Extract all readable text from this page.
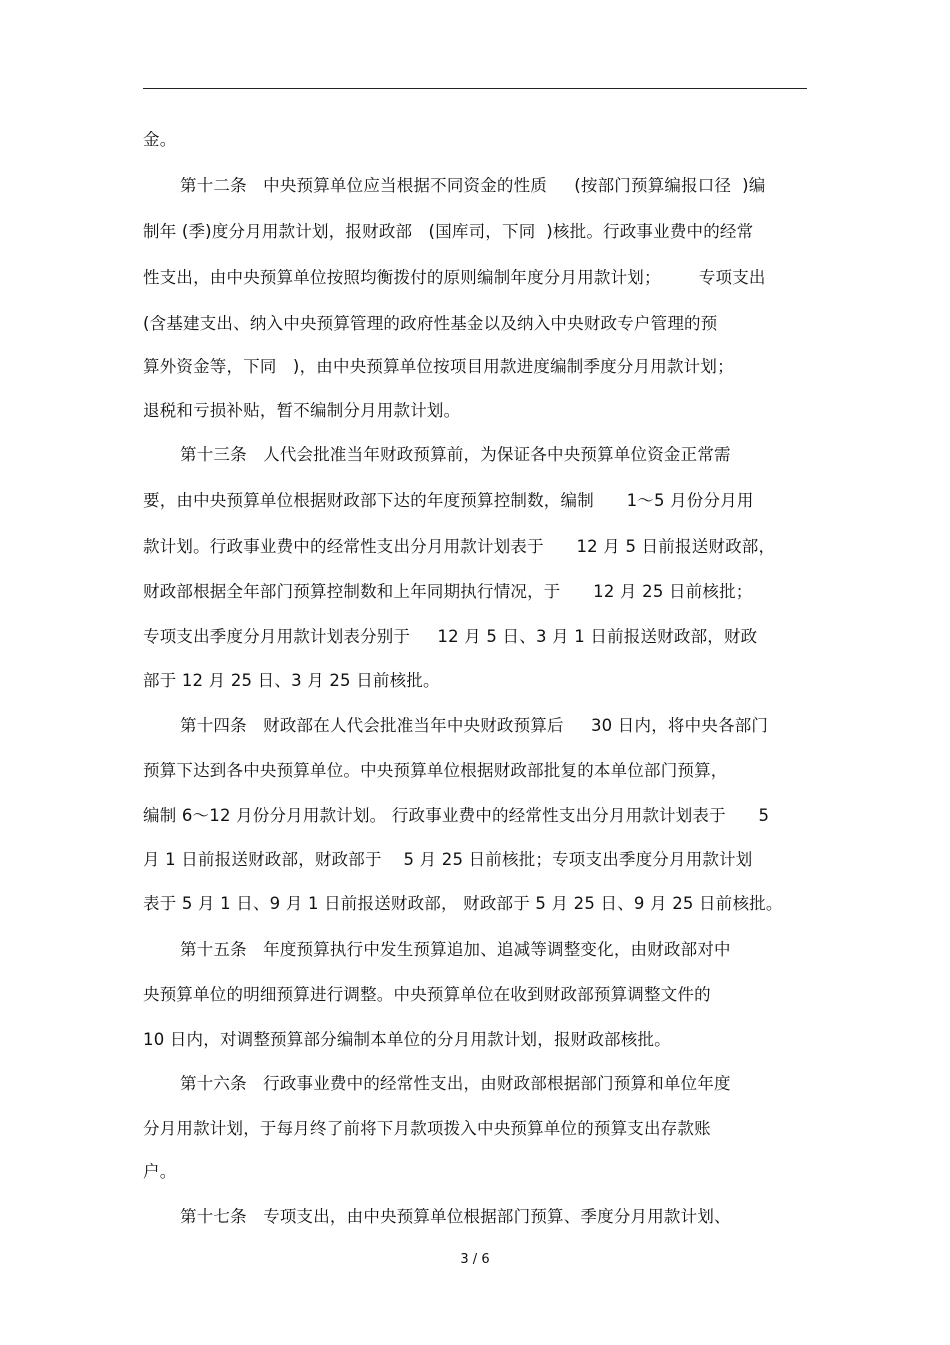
金。
第十二条   中央预算单位应当根据不同资金的性质     (按部门预算编报口径  )编
制年 (季)度分月用款计划，报财政部   (国库司，下同  )核批。行政事业费中的经常
性支出，由中央预算单位按照均衡拨付的原则编制年度分月用款计划；       专项支出
(含基建支出、纳入中央预算管理的政府性基金以及纳入中央财政专户管理的预
算外资金等，下同   )，由中央预算单位按项目用款进度编制季度分月用款计划；
退税和亏损补贴，暂不编制分月用款计划。
第十三条   人代会批准当年财政预算前，为保证各中央预算单位资金正常需
要，由中央预算单位根据财政部下达的年度预算控制数，编制      1～5 月份分月用
款计划。行政事业费中的经常性支出分月用款计划表于      12 月 5 日前报送财政部，
财政部根据全年部门预算控制数和上年同期执行情况，于      12 月 25 日前核批；
专项支出季度分月用款计划表分别于     12 月 5 日、3 月 1 日前报送财政部，财政
部于 12 月 25 日、3 月 25 日前核批。
第十四条   财政部在人代会批准当年中央财政预算后     30 日内，将中央各部门
预算下达到各中央预算单位。中央预算单位根据财政部批复的本单位部门预算，
编制 6～12 月份分月用款计划。 行政事业费中的经常性支出分月用款计划表于      5
月 1 日前报送财政部，财政部于    5 月 25 日前核批；专项支出季度分月用款计划
表于 5 月 1 日、9 月 1 日前报送财政部， 财政部于 5 月 25 日、9 月 25 日前核批。
第十五条   年度预算执行中发生预算追加、追减等调整变化，由财政部对中
央预算单位的明细预算进行调整。中央预算单位在收到财政部预算调整文件的
10 日内，对调整预算部分编制本单位的分月用款计划，报财政部核批。
第十六条   行政事业费中的经常性支出，由财政部根据部门预算和单位年度
分月用款计划，于每月终了前将下月款项拨入中央预算单位的预算支出存款账
户。
第十七条   专项支出，由中央预算单位根据部门预算、季度分月用款计划、
3 / 6
